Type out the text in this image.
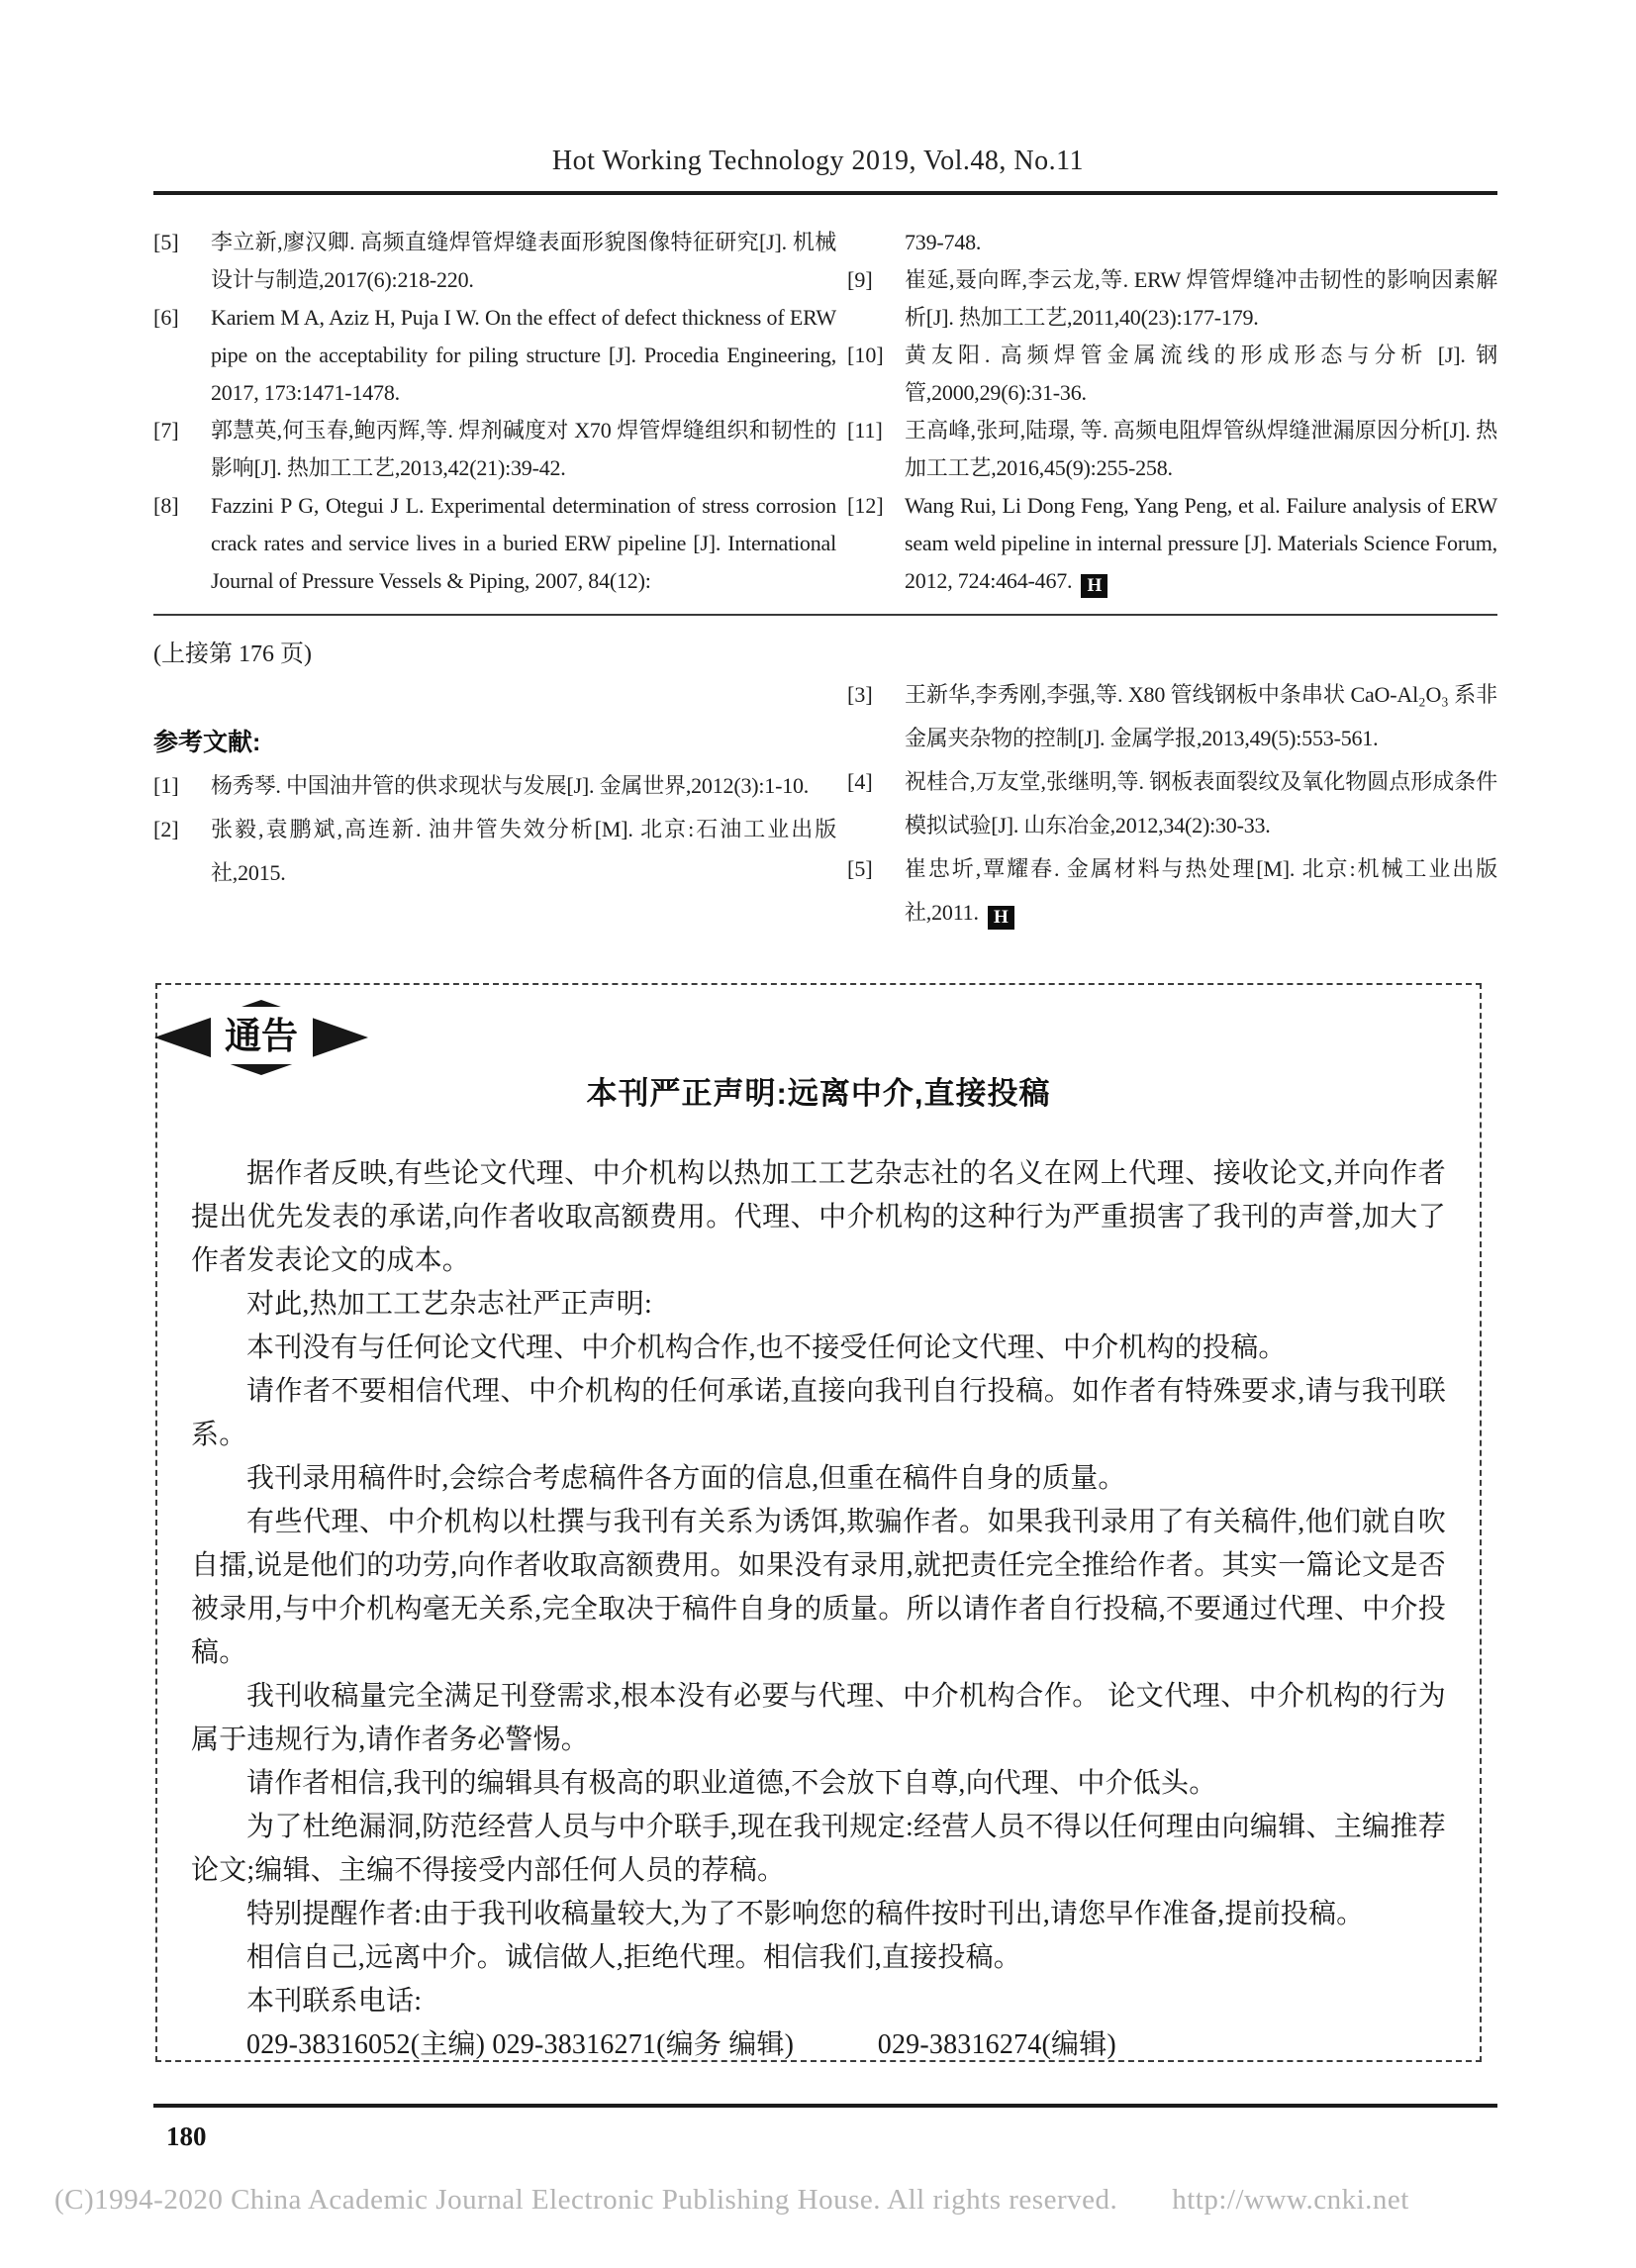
Hot Working Technology 2019, Vol.48, No.11
[5]	李立新,廖汉卿. 高频直缝焊管焊缝表面形貌图像特征研究[J]. 机械设计与制造,2017(6):218-220.
[6]	Kariem M A, Aziz H, Puja I W. On the effect of defect thickness of ERW pipe on the acceptability for piling structure [J]. Procedia Engineering, 2017, 173:1471-1478.
[7]	郭慧英,何玉春,鲍丙辉,等. 焊剂碱度对 X70 焊管焊缝组织和韧性的影响[J]. 热加工工艺,2013,42(21):39-42.
[8]	Fazzini P G, Otegui J L. Experimental determination of stress corrosion crack rates and service lives in a buried ERW pipeline [J]. International Journal of Pressure Vessels & Piping, 2007, 84(12):
739-748.
[9]	崔延,聂向晖,李云龙,等. ERW 焊管焊缝冲击韧性的影响因素解析[J]. 热加工工艺,2011,40(23):177-179.
[10] 黄友阳. 高频焊管金属流线的形成形态与分析 [J]. 钢管,2000,29(6):31-36.
[11]	王高峰,张珂,陆璟, 等. 高频电阻焊管纵焊缝泄漏原因分析[J]. 热加工工艺,2016,45(9):255-258.
[12] Wang Rui, Li Dong Feng, Yang Peng, et al. Failure analysis of ERW seam weld pipeline in internal pressure [J]. Materials Science Forum, 2012, 724:464-467. H

(上接第 176 页)

参考文献:
[1]	杨秀琴. 中国油井管的供求现状与发展[J]. 金属世界,2012(3):1-10.
[2]	张毅,袁鹏斌,高连新. 油井管失效分析[M]. 北京:石油工业出版社,2015.
[3]	王新华,李秀刚,李强,等. X80 管线钢板中条串状 CaO-Al₂O₃ 系非金属夹杂物的控制[J]. 金属学报,2013,49(5):553-561.
[4]	祝桂合,万友堂,张继明,等. 钢板表面裂纹及氧化物圆点形成条件模拟试验[J]. 山东冶金,2012,34(2):30-33.
[5]	崔忠圻,覃耀春. 金属材料与热处理[M]. 北京:机械工业出版社,2011. H
通告
本刊严正声明:远离中介,直接投稿

据作者反映,有些论文代理、中介机构以热加工工艺杂志社的名义在网上代理、接收论文,并向作者提出优先发表的承诺,向作者收取高额费用。代理、中介机构的这种行为严重损害了我刊的声誉,加大了作者发表论文的成本。

对此,热加工工艺杂志社严正声明:

本刊没有与任何论文代理、中介机构合作,也不接受任何论文代理、中介机构的投稿。

请作者不要相信代理、中介机构的任何承诺,直接向我刊自行投稿。如作者有特殊要求,请与我刊联系。

我刊录用稿件时,会综合考虑稿件各方面的信息,但重在稿件自身的质量。

有些代理、中介机构以杜撰与我刊有关系为诱饵,欺骗作者。如果我刊录用了有关稿件,他们就自吹自擂,说是他们的功劳,向作者收取高额费用。如果没有录用,就把责任完全推给作者。其实一篇论文是否被录用,与中介机构毫无关系,完全取决于稿件自身的质量。所以请作者自行投稿,不要通过代理、中介投稿。

我刊收稿量完全满足刊登需求,根本没有必要与代理、中介机构合作。 论文代理、中介机构的行为属于违规行为,请作者务必警惕。

请作者相信,我刊的编辑具有极高的职业道德,不会放下自尊,向代理、中介低头。

为了杜绝漏洞,防范经营人员与中介联手,现在我刊规定:经营人员不得以任何理由向编辑、主编推荐论文;编辑、主编不得接受内部任何人员的荐稿。

特别提醒作者:由于我刊收稿量较大,为了不影响您的稿件按时刊出,请您早作准备,提前投稿。

相信自己,远离中介。诚信做人,拒绝代理。相信我们,直接投稿。

本刊联系电话:

029-38316052(主编) 029-38316271(编务 编辑)　　　029-38316274(编辑)

180
(C)1994-2020 China Academic Journal Electronic Publishing House. All rights reserved. http://www.cnki.net
